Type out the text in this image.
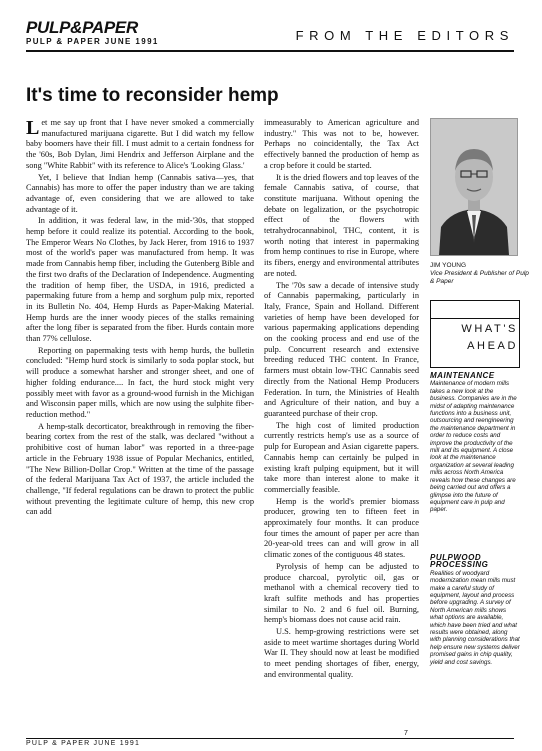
PULP&PAPER
PULP & PAPER JUNE 1991	FROM THE EDITORS
It's time to reconsider hemp

Let me say up front that I have never smoked a commercially manufactured marijuana cigarette. But I did watch my fellow baby boomers have their fill. I must admit to a certain fondness for the '60s, Bob Dylan, Jimi Hendrix and Jefferson Airplane and the song "White Rabbit" with its reference to Alice's 'Looking Glass.'

Yet, I believe that Indian hemp (Cannabis sativa—yes, that Cannabis) has more to offer the paper industry than we are taking advantage of, even considering that we are allowed to take advantage of it.

In addition, it was federal law, in the mid-'30s, that stopped hemp before it could realize its potential. According to the book, The Emperor Wears No Clothes, by Jack Herer, from 1916 to 1937 most of the world's paper was manufactured from hemp. It was made from Cannabis hemp fiber, including the Gutenberg Bible and the first two drafts of the Declaration of Independence. Augmenting the tradition of hemp fiber, the USDA, in 1916, predicted a papermaking future from a hemp and sorghum pulp mix, reported in its Bulletin No. 404, Hemp Hurds as Paper-Making Material. Hemp hurds are the inner woody pieces of the stalks remaining after the long fiber is separated from the fiber. Hurds contain more than 77% cellulose.

Reporting on papermaking tests with hemp hurds, the bulletin concluded: "Hemp hurd stock is similarly to soda poplar stock, but will produce a somewhat harsher and stronger sheet, and one of higher folding endurance.... In fact, the hurd stock might very possibly meet with favor as a ground-wood furnish in the Michigan and Wisconsin paper mills, which are now using the sulphite fiber-reduction method."

A hemp-stalk decorticator, breakthrough in removing the fiber-bearing cortex from the rest of the stalk, was declared "without a prohibitive cost of human labor" was reported in a three-page article in the February 1938 issue of Popular Mechanics, entitled, "The New Billion-Dollar Crop." Written at the time of the passage of the federal Marijuana Tax Act of 1937, the article included the challenge, "If federal regulations can be drawn to protect the public without preventing the legitimate culture of hemp, this new crop can add

immeasurably to American agriculture and industry." This was not to be, however. Perhaps no coincidentally, the Tax Act effectively banned the production of hemp as a crop before it could be started.

It is the dried flowers and top leaves of the female Cannabis sativa, of course, that constitute marijuana. Without opening the debate on legalization, or the psychotropic effect of the flowers with tetrahydrocannabinol, THC, content, it is worth noting that interest in papermaking from hemp continues to rise in Europe, where its fibers, energy and environmental attributes are noted.

The '70s saw a decade of intensive study of Cannabis papermaking, particularly in Italy, France, Spain and Holland. Different varieties of hemp have been developed for various papermaking applications depending on the cooking process and end use of the pulp. Concurrent research and extensive breeding reduced THC content. In France, farmers must obtain low-THC Cannabis seed directly from the National Hemp Producers Federation. In turn, the Ministries of Health and Agriculture of their nation, and buy a guaranteed purchase of their crop.

The high cost of limited production currently restricts hemp's use as a source of pulp for European and Asian cigarette papers. Cannabis hemp can certainly be pulped in existing kraft pulping equipment, but it will take more than interest alone to make it commercially feasible.

Hemp is the world's premier biomass producer, growing ten to fifteen feet in approximately four months. It can produce four times the amount of paper per acre than 20-year-old trees can and will grow in all climatic zones of the contiguous 48 states.

Pyrolysis of hemp can be adjusted to produce charcoal, pyrolytic oil, gas or methanol with a chemical recovery tied to kraft sulfite methods and has properties similar to No. 2 and 6 fuel oil. Burning, hemp's biomass does not cause acid rain.

U.S. hemp-growing restrictions were set aside to meet wartime shortages during World War II. They should now at least be modified to meet pending shortages of fiber, energy, and environmental quality.

JIM YOUNG
Vice President & Publisher of Pulp & Paper
WHAT'S
AHEAD
MAINTENANCE
Maintenance of modern mills takes a new look at the business. Companies are in the midst of adapting maintenance functions into a business unit, outsourcing and reengineering the maintenance department in order to reduce costs and improve the productivity of the mill and its equipment. A close look at the maintenance organization at several leading mills across North America reveals how these changes are being carried out and offers a glimpse into the future of equipment care in pulp and paper.
PULPWOOD PROCESSING
Realities of woodyard modernization mean mills must make a careful study of equipment, layout and process before upgrading. A survey of North American mills shows what options are available, which have been tried and what results were obtained, along with planning considerations that help ensure new systems deliver promised gains in chip quality, yield and cost savings.
PULP & PAPER JUNE 1991
7
